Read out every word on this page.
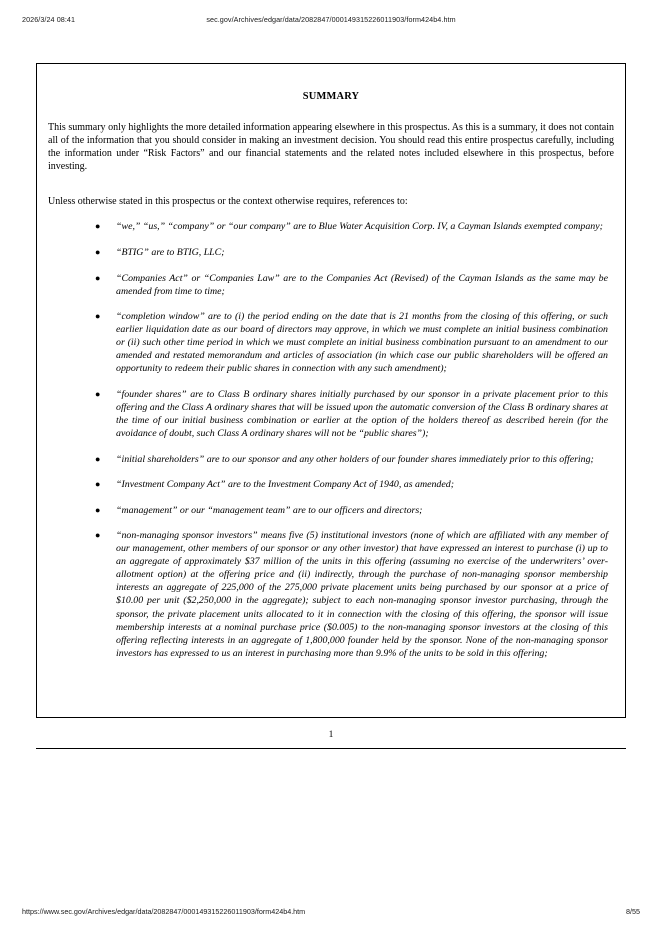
2026/3/24 08:41	sec.gov/Archives/edgar/data/2082847/000149315226011903/form424b4.htm
SUMMARY

This summary only highlights the more detailed information appearing elsewhere in this prospectus. As this is a summary, it does not contain all of the information that you should consider in making an investment decision. You should read this entire prospectus carefully, including the information under “Risk Factors” and our financial statements and the related notes included elsewhere in this prospectus, before investing.

Unless otherwise stated in this prospectus or the context otherwise requires, references to:

● “we,” “us,” “company” or “our company” are to Blue Water Acquisition Corp. IV, a Cayman Islands exempted company;
● “BTIG” are to BTIG, LLC;
● “Companies Act” or “Companies Law” are to the Companies Act (Revised) of the Cayman Islands as the same may be amended from time to time;
● “completion window” are to (i) the period ending on the date that is 21 months from the closing of this offering, or such earlier liquidation date as our board of directors may approve, in which we must complete an initial business combination or (ii) such other time period in which we must complete an initial business combination pursuant to an amendment to our amended and restated memorandum and articles of association (in which case our public shareholders will be offered an opportunity to redeem their public shares in connection with any such amendment);
● “founder shares” are to Class B ordinary shares initially purchased by our sponsor in a private placement prior to this offering and the Class A ordinary shares that will be issued upon the automatic conversion of the Class B ordinary shares at the time of our initial business combination or earlier at the option of the holders thereof as described herein (for the avoidance of doubt, such Class A ordinary shares will not be “public shares”);
● “initial shareholders” are to our sponsor and any other holders of our founder shares immediately prior to this offering;
● “Investment Company Act” are to the Investment Company Act of 1940, as amended;
● “management” or our “management team” are to our officers and directors;
● “non-managing sponsor investors” means five (5) institutional investors (none of which are affiliated with any member of our management, other members of our sponsor or any other investor) that have expressed an interest to purchase (i) up to an aggregate of approximately $37 million of the units in this offering (assuming no exercise of the underwriters’ over-allotment option) at the offering price and (ii) indirectly, through the purchase of non-managing sponsor membership interests an aggregate of 225,000 of the 275,000 private placement units being purchased by our sponsor at a price of $10.00 per unit ($2,250,000 in the aggregate); subject to each non-managing sponsor investor purchasing, through the sponsor, the private placement units allocated to it in connection with the closing of this offering, the sponsor will issue membership interests at a nominal purchase price ($0.005) to the non-managing sponsor investors at the closing of this offering reflecting interests in an aggregate of 1,800,000 founder held by the sponsor. None of the non-managing sponsor investors has expressed to us an interest in purchasing more than 9.9% of the units to be sold in this offering;
1
https://www.sec.gov/Archives/edgar/data/2082847/000149315226011903/form424b4.htm	8/55
